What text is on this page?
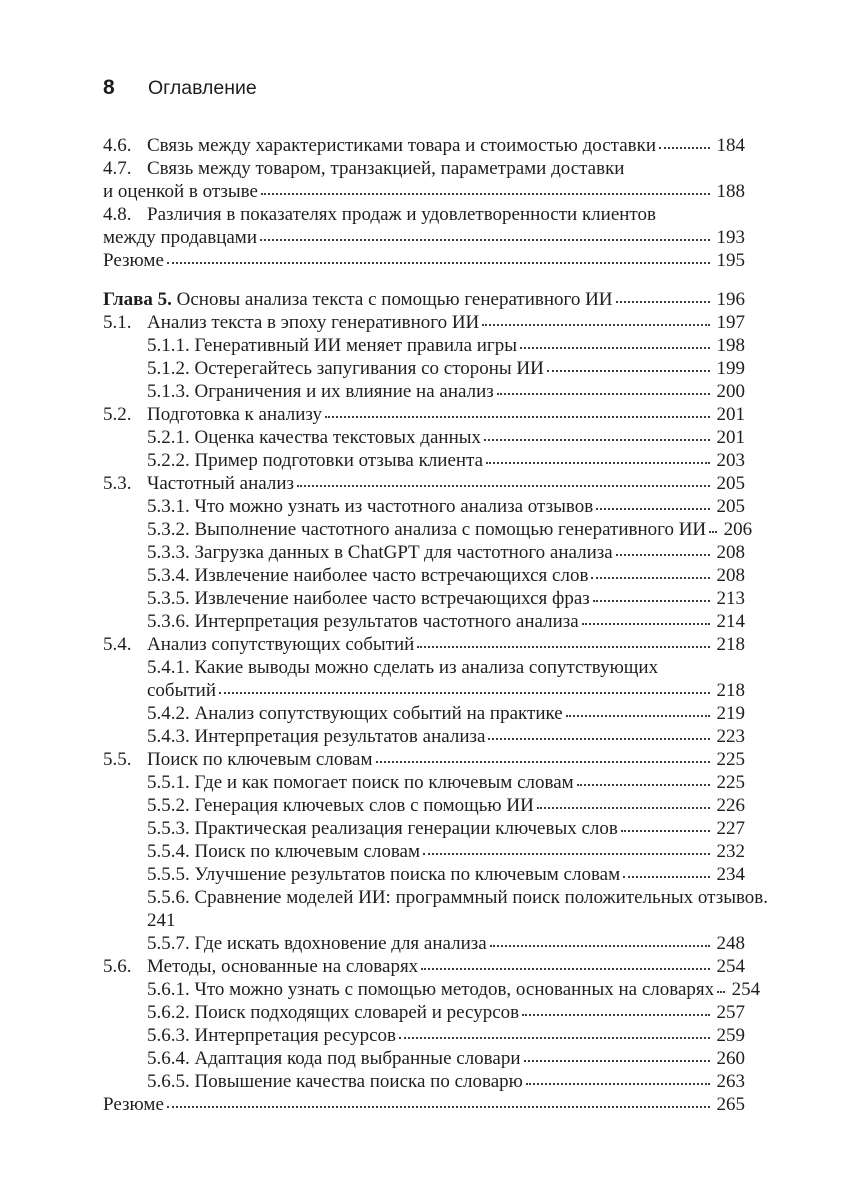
8	Оглавление
4.6. Связь между характеристиками товара и стоимостью доставки	184
4.7. Связь между товаром, транзакцией, параметрами доставки
и оценкой в отзыве	188
4.8. Различия в показателях продаж и удовлетворенности клиентов
между продавцами	193
Резюме	195
Глава 5. Основы анализа текста с помощью генеративного ИИ	196
5.1. Анализ текста в эпоху генеративного ИИ	197
5.1.1. Генеративный ИИ меняет правила игры	198
5.1.2. Остерегайтесь запугивания со стороны ИИ	199
5.1.3. Ограничения и их влияние на анализ	200
5.2. Подготовка к анализу	201
5.2.1. Оценка качества текстовых данных	201
5.2.2. Пример подготовки отзыва клиента	203
5.3. Частотный анализ	205
5.3.1. Что можно узнать из частотного анализа отзывов	205
5.3.2. Выполнение частотного анализа с помощью генеративного ИИ 206
5.3.3. Загрузка данных в ChatGPT для частотного анализа	208
5.3.4. Извлечение наиболее часто встречающихся слов	208
5.3.5. Извлечение наиболее часто встречающихся фраз	213
5.3.6. Интерпретация результатов частотного анализа	214
5.4. Анализ сопутствующих событий	218
5.4.1. Какие выводы можно сделать из анализа сопутствующих
событий	218
5.4.2. Анализ сопутствующих событий на практике	219
5.4.3. Интерпретация результатов анализа	223
5.5. Поиск по ключевым словам	225
5.5.1. Где и как помогает поиск по ключевым словам	225
5.5.2. Генерация ключевых слов с помощью ИИ	226
5.5.3. Практическая реализация генерации ключевых слов	227
5.5.4. Поиск по ключевым словам	232
5.5.5. Улучшение результатов поиска по ключевым словам	234
5.5.6. Сравнение моделей ИИ: программный поиск положительных отзывов.
241
5.5.7. Где искать вдохновение для анализа	248
5.6. Методы, основанные на словарях	254
5.6.1. Что можно узнать с помощью методов, основанных на словарях 254
5.6.2. Поиск подходящих словарей и ресурсов	257
5.6.3. Интерпретация ресурсов	259
5.6.4. Адаптация кода под выбранные словари	260
5.6.5. Повышение качества поиска по словарю	263
Резюме	265
